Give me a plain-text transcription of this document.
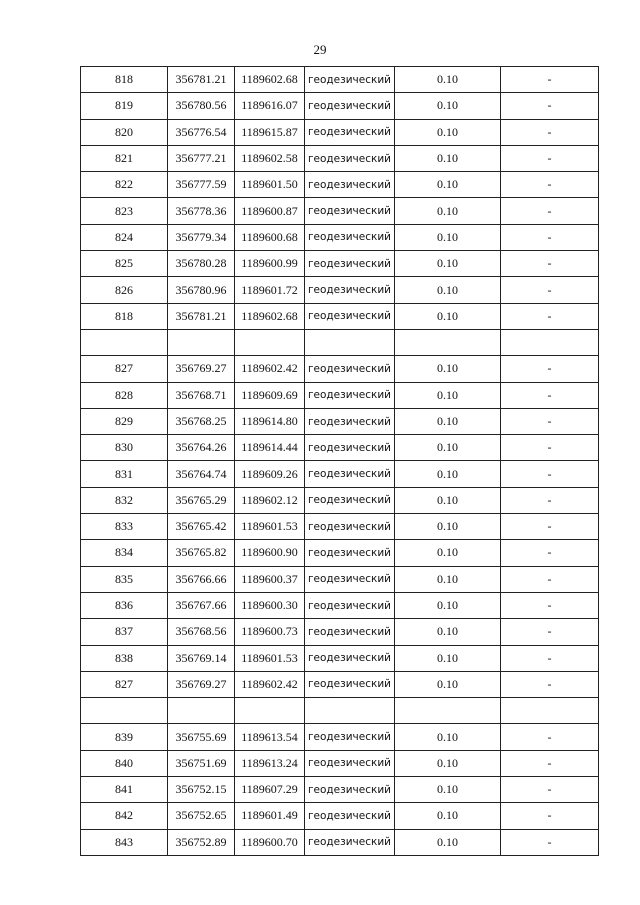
29
818	356781.21	1189602.68	геодезический	0.10	-
819	356780.56	1189616.07	геодезический	0.10	-
820	356776.54	1189615.87	геодезический	0.10	-
821	356777.21	1189602.58	геодезический	0.10	-
822	356777.59	1189601.50	геодезический	0.10	-
823	356778.36	1189600.87	геодезический	0.10	-
824	356779.34	1189600.68	геодезический	0.10	-
825	356780.28	1189600.99	геодезический	0.10	-
826	356780.96	1189601.72	геодезический	0.10	-
818	356781.21	1189602.68	геодезический	0.10	-

827	356769.27	1189602.42	геодезический	0.10	-
828	356768.71	1189609.69	геодезический	0.10	-
829	356768.25	1189614.80	геодезический	0.10	-
830	356764.26	1189614.44	геодезический	0.10	-
831	356764.74	1189609.26	геодезический	0.10	-
832	356765.29	1189602.12	геодезический	0.10	-
833	356765.42	1189601.53	геодезический	0.10	-
834	356765.82	1189600.90	геодезический	0.10	-
835	356766.66	1189600.37	геодезический	0.10	-
836	356767.66	1189600.30	геодезический	0.10	-
837	356768.56	1189600.73	геодезический	0.10	-
838	356769.14	1189601.53	геодезический	0.10	-
827	356769.27	1189602.42	геодезический	0.10	-

839	356755.69	1189613.54	геодезический	0.10	-
840	356751.69	1189613.24	геодезический	0.10	-
841	356752.15	1189607.29	геодезический	0.10	-
842	356752.65	1189601.49	геодезический	0.10	-
843	356752.89	1189600.70	геодезический	0.10	-
